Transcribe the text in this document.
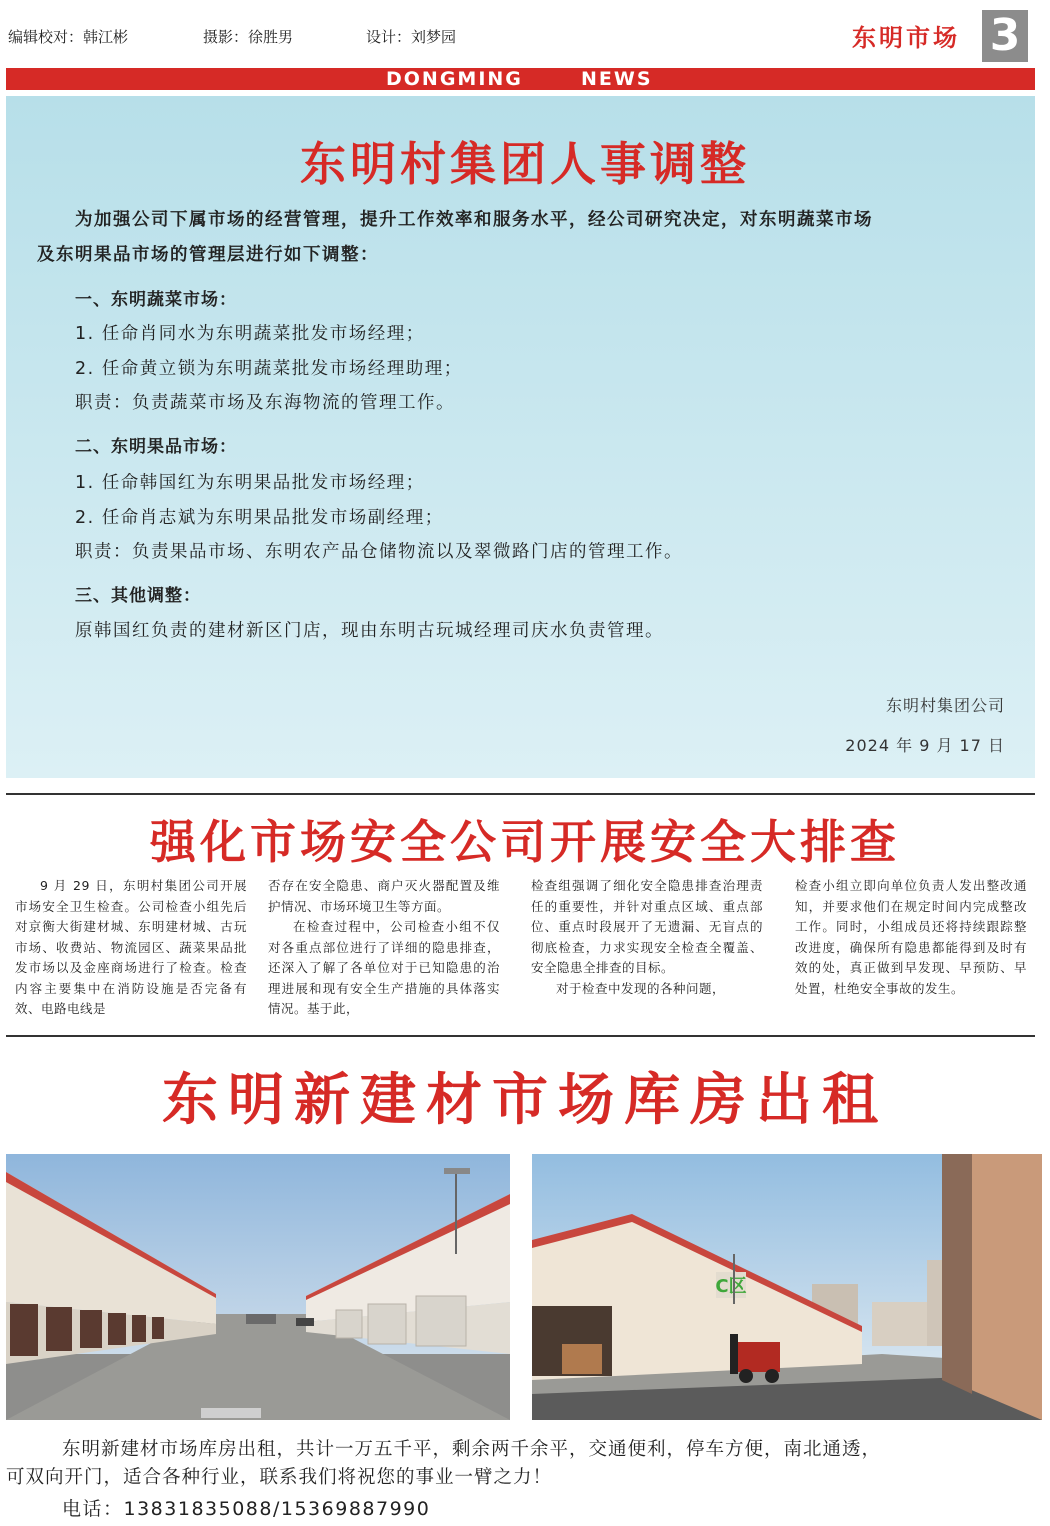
编辑校对：韩江彬	摄影：徐胜男	设计：刘梦园	东明市场 3
DONGMING	NEWS
东明村集团人事调整
为加强公司下属市场的经营管理，提升工作效率和服务水平，经公司研究决定，对东明蔬菜市场
及东明果品市场的管理层进行如下调整：
一、东明蔬菜市场：
1. 任命肖同水为东明蔬菜批发市场经理；
2. 任命黄立锁为东明蔬菜批发市场经理助理；
职责：负责蔬菜市场及东海物流的管理工作。
二、东明果品市场：
1. 任命韩国红为东明果品批发市场经理；
2. 任命肖志斌为东明果品批发市场副经理；
职责：负责果品市场、东明农产品仓储物流以及翠微路门店的管理工作。
三、其他调整：
原韩国红负责的建材新区门店，现由东明古玩城经理司庆水负责管理。
东明村集团公司
2024 年 9 月 17 日
强化市场安全公司开展安全大排查

9 月 29 日，东明村集团公司开展市场安全卫生检查。公司检查小组先后对京衡大街建材城、东明建材城、古玩市场、收费站、物流园区、蔬菜果品批发市场以及金座商场进行了检查。检查内容主要集中在消防设施是否完备有效、电路电线是

否存在安全隐患、商户灭火器配置及维护情况、市场环境卫生等方面。

在检查过程中，公司检查小组不仅对各重点部位进行了详细的隐患排查，还深入了解了各单位对于已知隐患的治理进展和现有安全生产措施的具体落实情况。基于此，

检查组强调了细化安全隐患排查治理责任的重要性，并针对重点区域、重点部位、重点时段展开了无遗漏、无盲点的彻底检查，力求实现安全检查全覆盖、安全隐患全排查的目标。

对于检查中发现的各种问题，

检查小组立即向单位负责人发出整改通知，并要求他们在规定时间内完成整改工作。同时，小组成员还将持续跟踪整改进度，确保所有隐患都能得到及时有效的处，真正做到早发现、早预防、早处置，杜绝安全事故的发生。

东明新建材市场库房出租
C区
东明新建材市场库房出租，共计一万五千平，剩余两千余平，交通便利，停车方便，南北通透，
可双向开门，适合各种行业，联系我们将祝您的事业一臂之力！
电话：13831835088/15369887990
